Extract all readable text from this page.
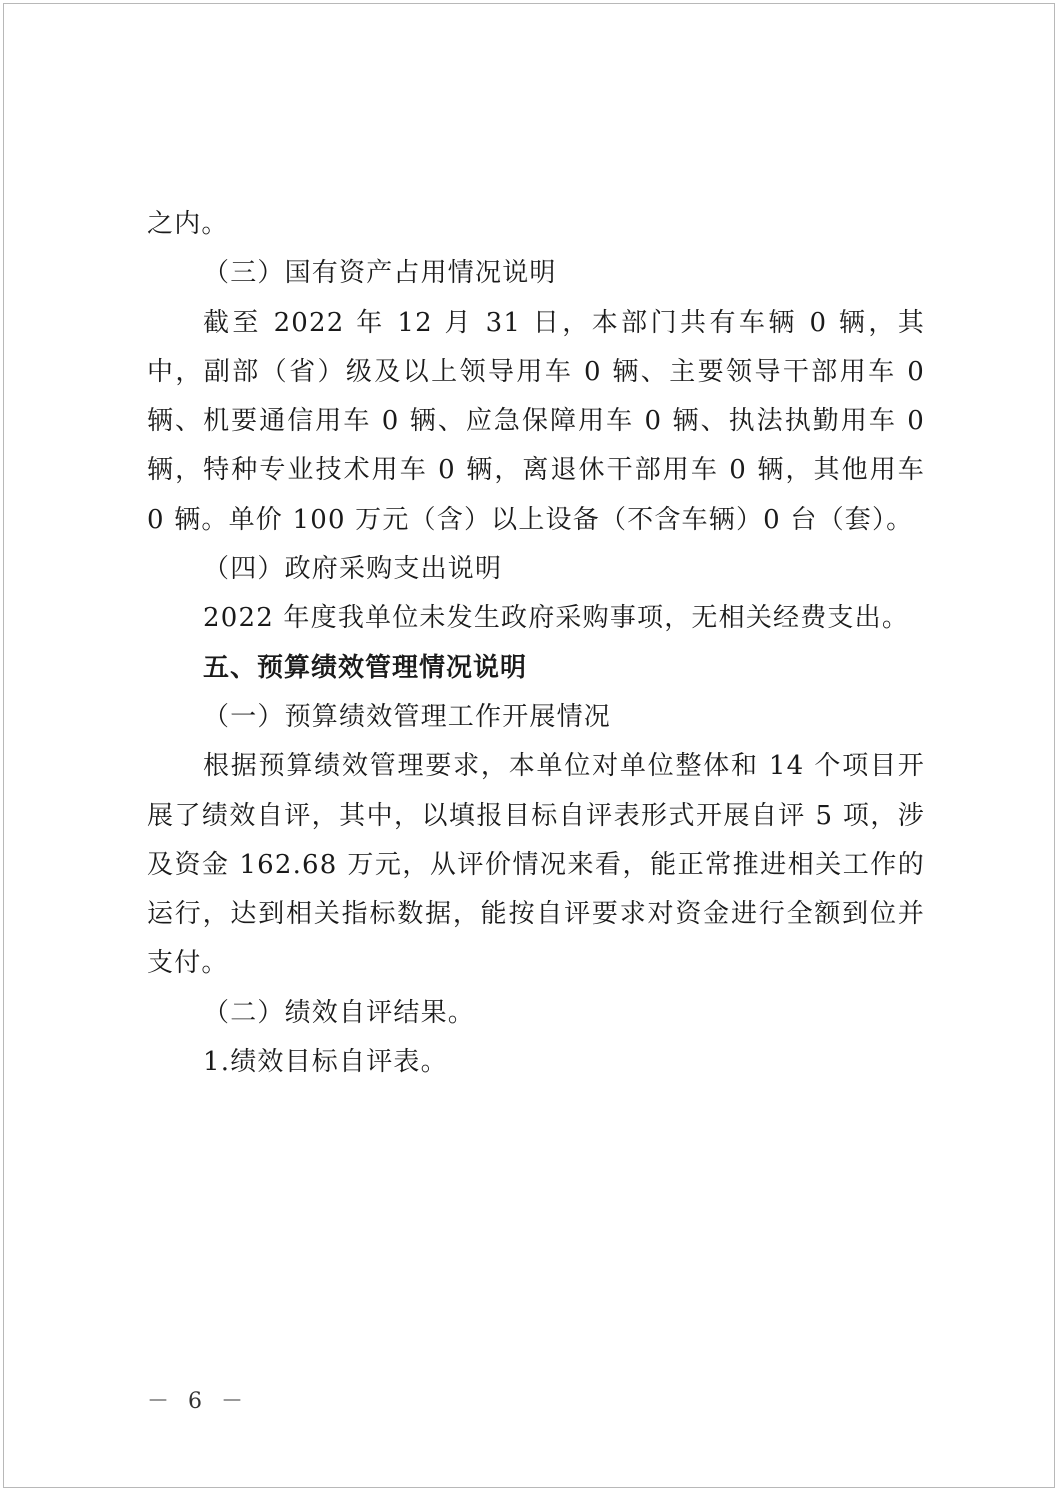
之内。

（三）国有资产占用情况说明

截至 2022 年 12 月 31 日，本部门共有车辆 0 辆，其中，副部（省）级及以上领导用车 0 辆、主要领导干部用车 0 辆、机要通信用车 0 辆、应急保障用车 0 辆、执法执勤用车 0 辆，特种专业技术用车 0 辆，离退休干部用车 0 辆，其他用车 0 辆。单价 100 万元（含）以上设备（不含车辆）0 台（套）。

（四）政府采购支出说明

2022 年度我单位未发生政府采购事项，无相关经费支出。

五、预算绩效管理情况说明

（一）预算绩效管理工作开展情况

根据预算绩效管理要求，本单位对单位整体和 14 个项目开展了绩效自评，其中，以填报目标自评表形式开展自评 5 项，涉及资金 162.68 万元，从评价情况来看，能正常推进相关工作的运行，达到相关指标数据，能按自评要求对资金进行全额到位并支付。

（二）绩效自评结果。

1.绩效目标自评表。

－ 6 －
